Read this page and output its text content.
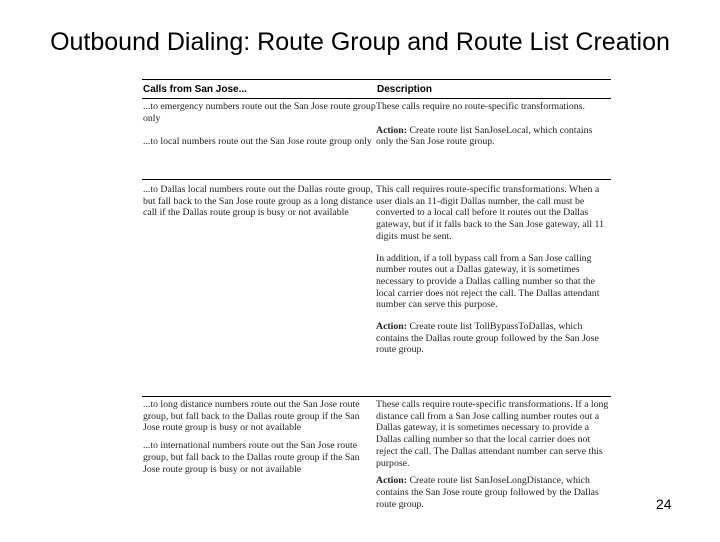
Outbound Dialing: Route Group and Route List Creation
Calls from San Jose...	Description

...to emergency numbers route out the San Jose route group only

...to local numbers route out the San Jose route group only

These calls require no route-specific transformations.

Action: Create route list SanJoseLocal, which contains only the San Jose route group.

...to Dallas local numbers route out the Dallas route group, but fall back to the San Jose route group as a long distance call if the Dallas route group is busy or not available

This call requires route-specific transformations. When a user dials an 11-digit Dallas number, the call must be converted to a local call before it routes out the Dallas gateway, but if it falls back to the San Jose gateway, all 11 digits must be sent.

In addition, if a toll bypass call from a San Jose calling number routes out a Dallas gateway, it is sometimes necessary to provide a Dallas calling number so that the local carrier does not reject the call. The Dallas attendant number can serve this purpose.

Action: Create route list TollBypassToDallas, which contains the Dallas route group followed by the San Jose route group.

...to long distance numbers route out the San Jose route group, but fall back to the Dallas route group if the San Jose route group is busy or not available

...to international numbers route out the San Jose route group, but fall back to the Dallas route group if the San Jose route group is busy or not available

These calls require route-specific transformations. If a long distance call from a San Jose calling number routes out a Dallas gateway, it is sometimes necessary to provide a Dallas calling number so that the local carrier does not reject the call. The Dallas attendant number can serve this purpose.

Action: Create route list SanJoseLongDistance, which contains the San Jose route group followed by the Dallas route group.	24
